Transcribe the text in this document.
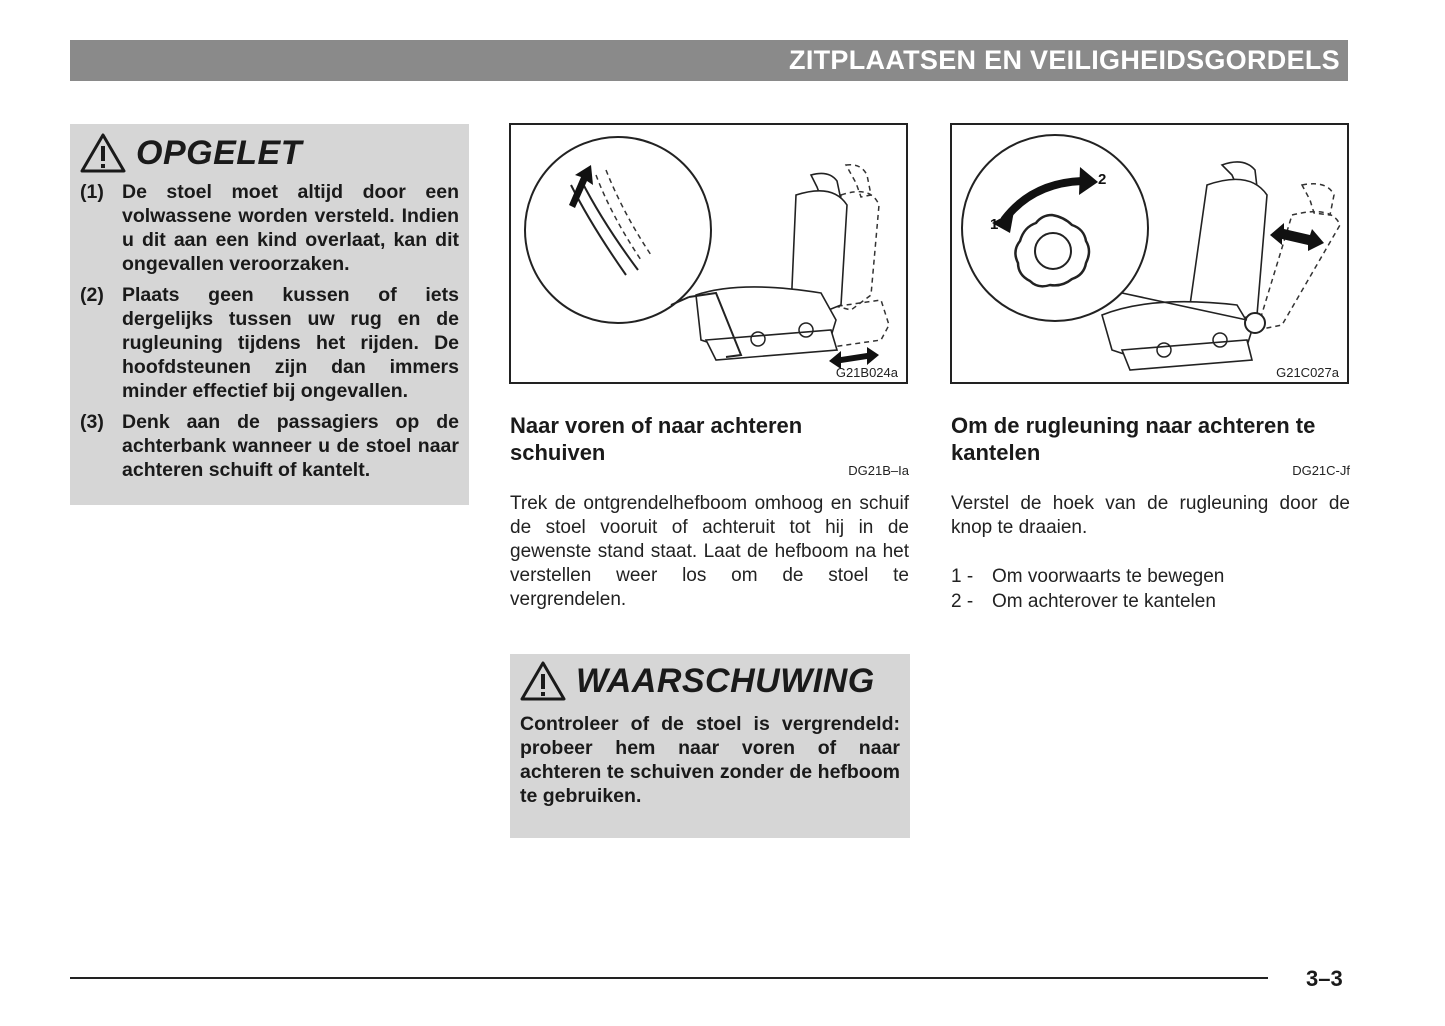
ZITPLAATSEN EN VEILIGHEIDSGORDELS
OPGELET
(1) De stoel moet altijd door een volwassene worden versteld. Indien u dit aan een kind overlaat, kan dit ongevallen veroorzaken.
(2) Plaats geen kussen of iets dergelijks tussen uw rug en de rugleuning tijdens het rijden. De hoofdsteunen zijn dan immers minder effectief bij ongevallen.
(3) Denk aan de passagiers op de achterbank wanneer u de stoel naar achteren schuift of kantelt.
G21B024a
1
2
G21C027a
Naar voren of naar achteren schuiven
DG21B–Ia
Trek de ontgrendelhefboom omhoog en schuif de stoel vooruit of achteruit tot hij in de gewenste stand staat. Laat de hefboom na het verstellen weer los om de stoel te vergrendelen.
WAARSCHUWING
Controleer of de stoel is vergrendeld: probeer hem naar voren of naar achteren te schuiven zonder de hefboom te gebruiken.
Om de rugleuning naar achteren te kantelen
DG21C-Jf
Verstel de hoek van de rugleuning door de knop te draaien.
1 - Om voorwaarts te bewegen
2 - Om achterover te kantelen
3–3
